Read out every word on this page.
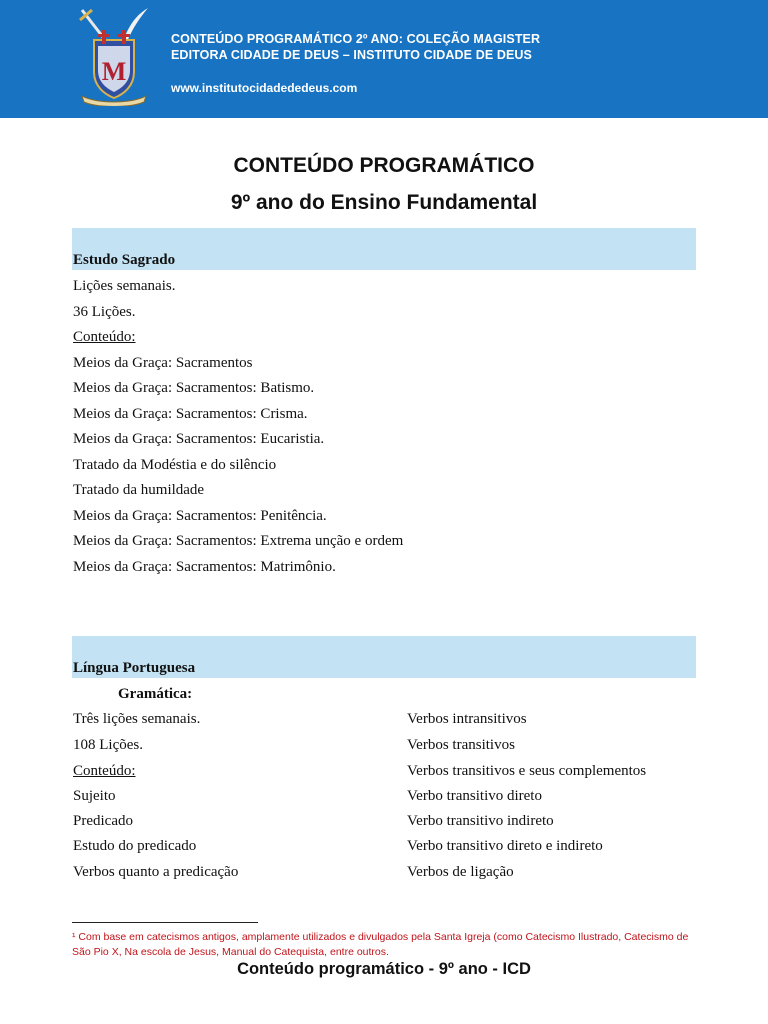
M
CONTEÚDO PROGRAMÁTICO 2º ANO: COLEÇÃO MAGISTER
EDITORA CIDADE DE DEUS – INSTITUTO CIDADE DE DEUS
www.institutocidadededeus.com
CONTEÚDO PROGRAMÁTICO
9º ano do Ensino Fundamental
Estudo Sagrado
Lições semanais.
36 Lições.
Conteúdo:
Meios da Graça: Sacramentos
Meios da Graça: Sacramentos: Batismo.
Meios da Graça: Sacramentos: Crisma.
Meios da Graça: Sacramentos: Eucaristia.
Tratado da Modéstia e do silêncio
Tratado da humildade
Meios da Graça: Sacramentos: Penitência.
Meios da Graça: Sacramentos: Extrema unção e ordem
Meios da Graça: Sacramentos: Matrimônio.
Língua Portuguesa
Gramática:
Três lições semanais.
108 Lições.
Conteúdo:
Sujeito
Predicado
Estudo do predicado
Verbos quanto a predicação
Verbos intransitivos
Verbos transitivos
Verbos transitivos e seus complementos
Verbo transitivo direto
Verbo transitivo indireto
Verbo transitivo direto e indireto
Verbos de ligação
¹ Com base em catecismos antigos, amplamente utilizados e divulgados pela Santa Igreja (como Catecismo Ilustrado, Catecismo de São Pio X, Na escola de Jesus, Manual do Catequista, entre outros.
Conteúdo programático - 9º ano - ICD
